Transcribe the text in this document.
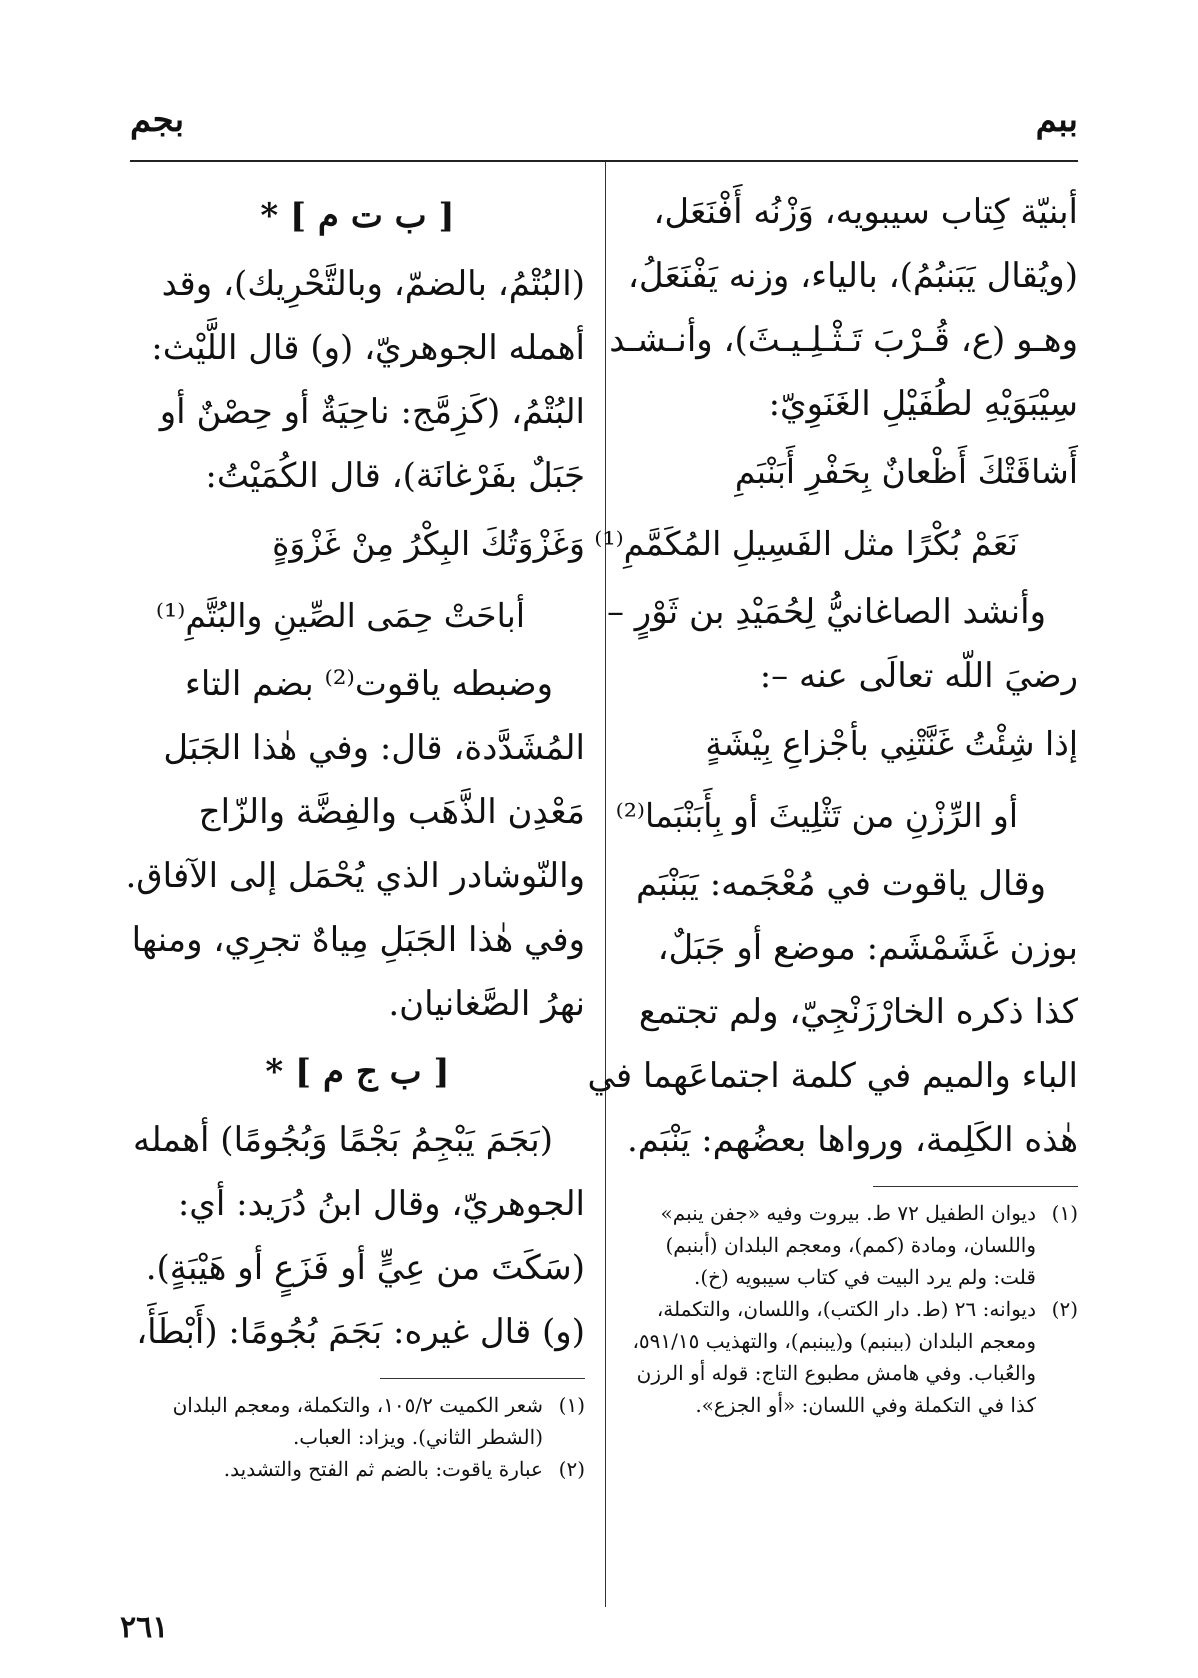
ببم
بجم
أبنيّة كِتاب سيبويه، وَزْنُه أَفْنَعَل،
(ويُقال يَبَنبُمُ)، بالياء، وزنه يَفْنَعَلُ،
وهـو (ع، قُـرْبَ تَـثْـلِـيـثَ)، وأنـشـد
سِيْبَوَيْهِ لطُفَيْلِ الغَنَوِيّ:
أَشاقَتْكَ أَظْعانٌ بِحَفْرِ أَبَنْبَمِ
نَعَمْ بُكْرًا مثل الفَسِيلِ المُكَمَّمِ⁽¹⁾
وأنشد الصاغانيُّ لِحُمَيْدِ بن ثَوْرٍ –
رضيَ اللّه تعالَى عنه –:
إذا شِئْتُ غَنَّتْنِي بأجْزاعِ بِيْشَةٍ
أو الرِّزْنِ من تَثْلِيثَ أو بِأَبَنْبَما⁽²⁾
وقال ياقوت في مُعْجَمه: يَبَنْبَم
بوزن غَشَمْشَم: موضع أو جَبَلٌ،
كذا ذكره الخارْزَنْجِيّ، ولم تجتمع
الباء والميم في كلمة اجتماعَهما في
هٰذه الكَلِمة، ورواها بعضُهم: يَنْبَم.
(١)
ديوان الطفيل ٧٢ ط. بيروت وفيه «جفن ينبم» واللسان، ومادة (كمم)، ومعجم البلدان (أبنبم) قلت: ولم يرد البيت في كتاب سيبويه (خ).
(٢)
ديوانه: ٢٦ (ط. دار الكتب)، واللسان، والتكملة، ومعجم البلدان (ببنبم) و(يبنبم)، والتهذيب ٥٩١/١٥، والعُباب. وفي هامش مطبوع التاج: قوله أو الرزن كذا في التكملة وفي اللسان: «أو الجزع».
[ ب ت م ] *
(البُتْمُ، بالضمّ، وبالتَّحْرِيك)، وقد
أهمله الجوهريّ، (و) قال اللَّيْث:
البُتْمُ، (كَزِمَّج: ناحِيَةٌ أو حِصْنٌ أو
جَبَلٌ بفَرْغانَة)، قال الكُمَيْتُ:
وَغَزْوَتُكَ البِكْرُ مِنْ غَزْوَةٍ
أباحَتْ حِمَى الصِّينِ والبُتَّمِ⁽¹⁾
وضبطه ياقوت⁽²⁾ بضم التاء
المُشَدَّدة، قال: وفي هٰذا الجَبَل
مَعْدِن الذَّهَب والفِضَّة والزّاج
والنّوشادر الذي يُحْمَل إلى الآفاق.
وفي هٰذا الجَبَلِ مِياهٌ تجرِي، ومنها
نهرُ الصَّغانيان.
[ ب ج م ] *
(بَجَمَ يَبْجِمُ بَجْمًا وَبُجُومًا) أهمله
الجوهريّ، وقال ابنُ دُرَيد: أي:
(سَكَتَ من عِيٍّ أو فَزَعٍ أو هَيْبَةٍ).
(و) قال غيره: بَجَمَ بُجُومًا: (أَبْطَأَ،
(١)
شعر الكميت ١٠٥/٢، والتكملة، ومعجم البلدان (الشطر الثاني). ويزاد: العباب.
(٢)
عبارة ياقوت: بالضم ثم الفتح والتشديد.
٢٦١
